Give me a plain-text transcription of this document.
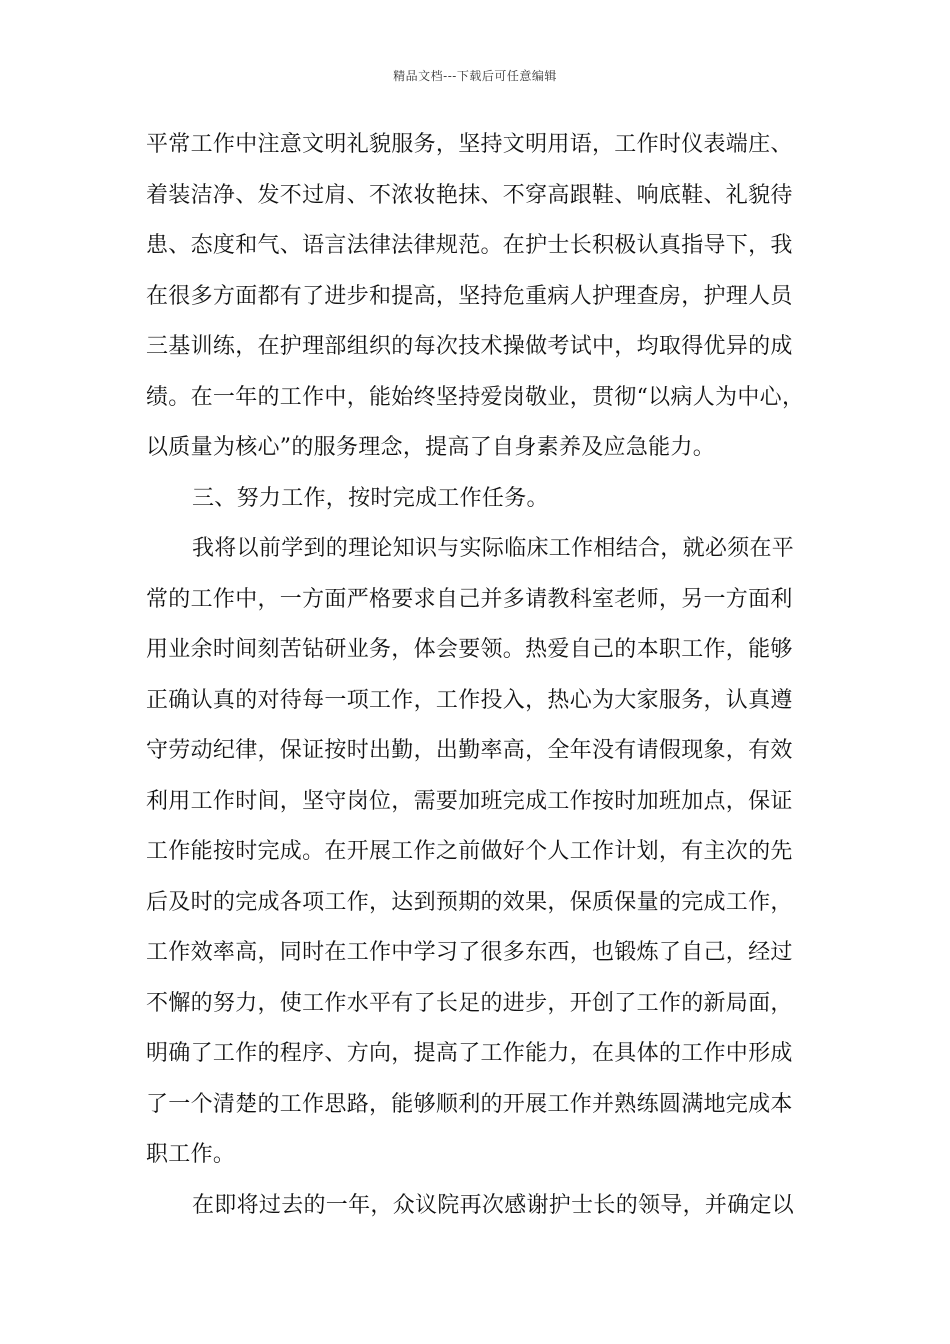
精品文档---下载后可任意编辑
平常工作中注意文明礼貌服务，坚持文明用语，工作时仪表端庄、
着装洁净、发不过肩、不浓妆艳抹、不穿高跟鞋、响底鞋、礼貌待
患、态度和气、语言法律法律规范。在护士长积极认真指导下，我
在很多方面都有了进步和提高，坚持危重病人护理查房，护理人员
三基训练，在护理部组织的每次技术操做考试中，均取得优异的成
绩。在一年的工作中，能始终坚持爱岗敬业，贯彻“以病人为中心，
以质量为核心”的服务理念，提高了自身素养及应急能力。
三、努力工作，按时完成工作任务。
我将以前学到的理论知识与实际临床工作相结合，就必须在平
常的工作中，一方面严格要求自己并多请教科室老师，另一方面利
用业余时间刻苦钻研业务，体会要领。热爱自己的本职工作，能够
正确认真的对待每一项工作，工作投入，热心为大家服务，认真遵
守劳动纪律，保证按时出勤，出勤率高，全年没有请假现象，有效
利用工作时间，坚守岗位，需要加班完成工作按时加班加点，保证
工作能按时完成。在开展工作之前做好个人工作计划，有主次的先
后及时的完成各项工作，达到预期的效果，保质保量的完成工作，
工作效率高，同时在工作中学习了很多东西，也锻炼了自己，经过
不懈的努力，使工作水平有了长足的进步，开创了工作的新局面，
明确了工作的程序、方向，提高了工作能力，在具体的工作中形成
了一个清楚的工作思路，能够顺利的开展工作并熟练圆满地完成本
职工作。
在即将过去的一年，众议院再次感谢护士长的领导，并确定以
